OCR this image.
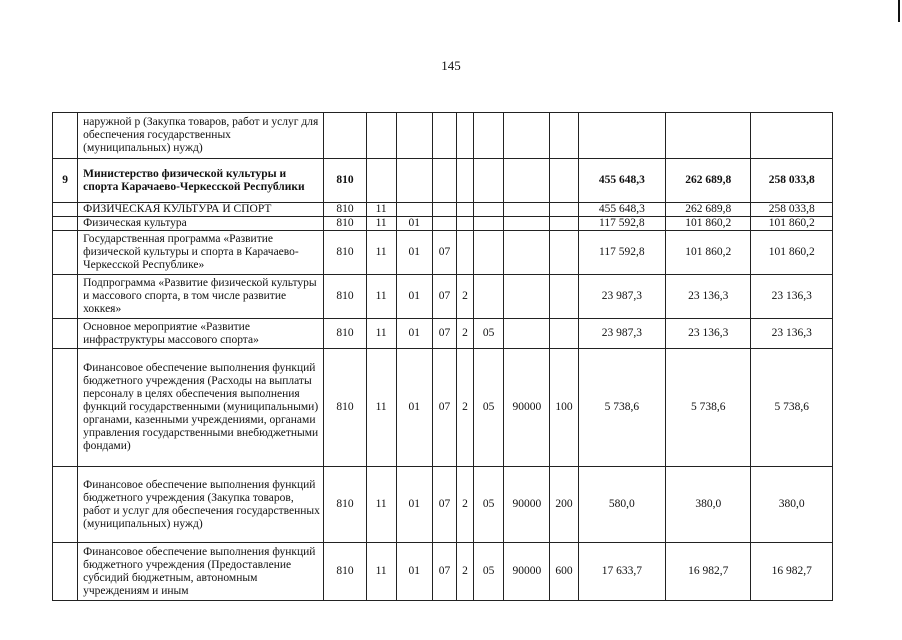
145
	наружной р (Закупка товаров, работ и услуг для обеспечения государственных (муниципальных) нужд)											
9	Министерство физической культуры и спорта Карачаево-Черкесской Республики	810								455 648,3	262 689,8	258 033,8
	ФИЗИЧЕСКАЯ КУЛЬТУРА И СПОРТ	810	11							455 648,3	262 689,8	258 033,8
	Физическая культура	810	11	01						117 592,8	101 860,2	101 860,2
	Государственная программа «Развитие физической культуры и спорта в Карачаево-Черкесской Республике»	810	11	01	07					117 592,8	101 860,2	101 860,2
	Подпрограмма «Развитие физической культуры и массового спорта, в том числе развитие хоккея»	810	11	01	07	2				23 987,3	23 136,3	23 136,3
	Основное мероприятие «Развитие инфраструктуры массового спорта»	810	11	01	07	2	05			23 987,3	23 136,3	23 136,3
	Финансовое обеспечение выполнения функций бюджетного учреждения (Расходы на выплаты персоналу в целях обеспечения выполнения функций государственными (муниципальными) органами, казенными учреждениями, органами управления государственными внебюджетными фондами)	810	11	01	07	2	05	90000	100	5 738,6	5 738,6	5 738,6
	Финансовое обеспечение выполнения функций бюджетного учреждения (Закупка товаров, работ и услуг для обеспечения государственных (муниципальных) нужд)	810	11	01	07	2	05	90000	200	580,0	380,0	380,0
	Финансовое обеспечение выполнения функций бюджетного учреждения (Предоставление субсидий бюджетным, автономным учреждениям и иным	810	11	01	07	2	05	90000	600	17 633,7	16 982,7	16 982,7
